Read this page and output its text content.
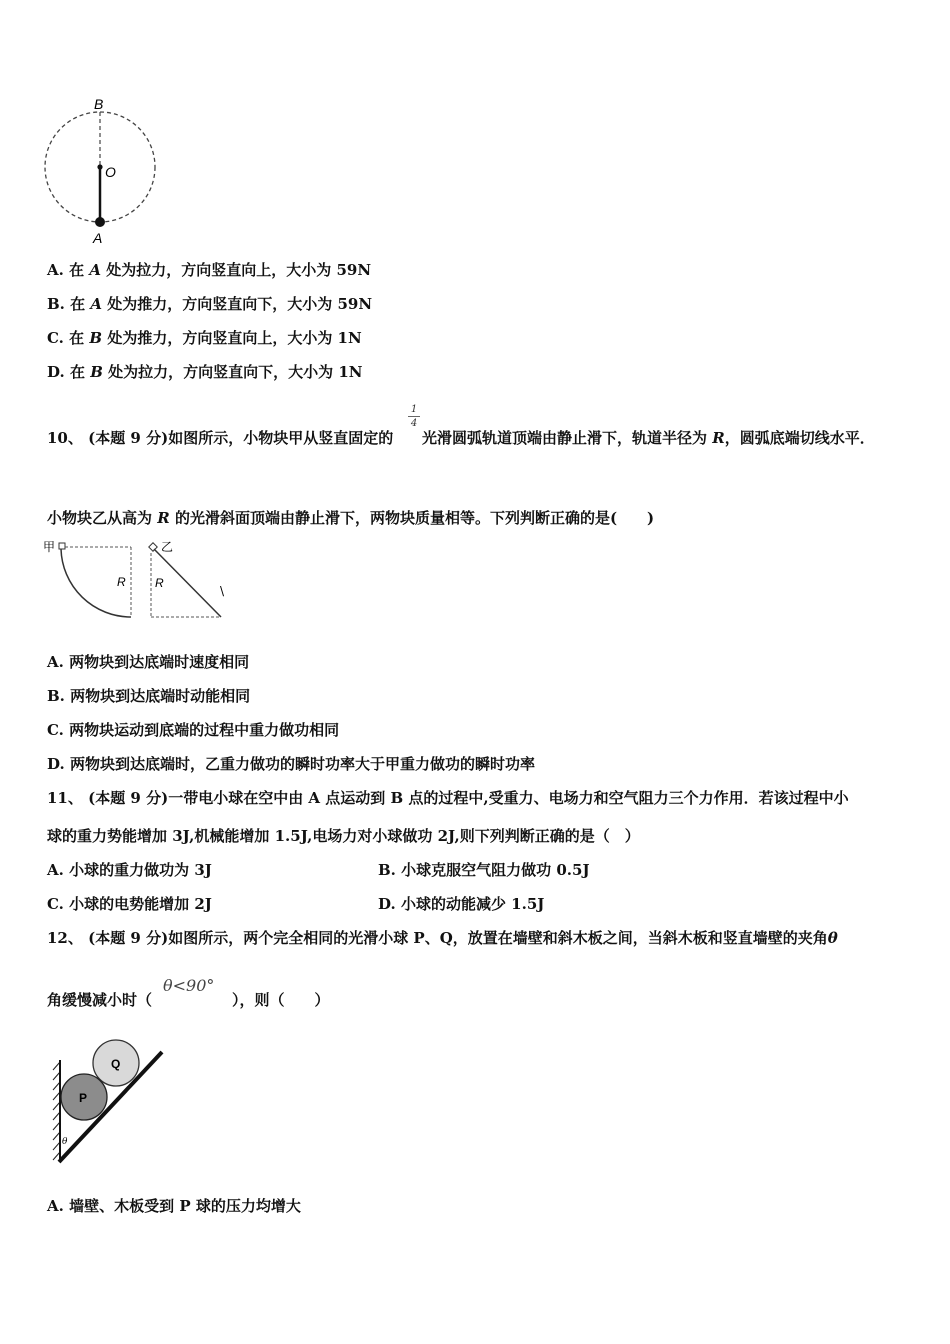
B
O
A
A. 在 A 处为拉力，方向竖直向上，大小为 59N
B. 在 A 处为推力，方向竖直向下，大小为 59N
C. 在 B 处为推力，方向竖直向上，大小为 1N
D. 在 B 处为拉力，方向竖直向下，大小为 1N
10、 (本题 9 分)如图所示，小物块甲从竖直固定的
1
4
光滑圆弧轨道顶端由静止滑下，轨道半径为 R，圆弧底端切线水平．
小物块乙从高为 R 的光滑斜面顶端由静止滑下，两物块质量相等。下列判断正确的是(　　)
甲
R
乙
R
\
A. 两物块到达底端时速度相同
B. 两物块到达底端时动能相同
C. 两物块运动到底端的过程中重力做功相同
D. 两物块到达底端时，乙重力做功的瞬时功率大于甲重力做功的瞬时功率
11、 (本题 9 分)一带电小球在空中由 A 点运动到 B 点的过程中,受重力、电场力和空气阻力三个力作用．若该过程中小
球的重力势能增加 3J,机械能增加 1.5J,电场力对小球做功 2J,则下列判断正确的是（　）
A. 小球的重力做功为 3J	B. 小球克服空气阻力做功 0.5J
C. 小球的电势能增加 2J	D. 小球的动能减少 1.5J
12、 (本题 9 分)如图所示，两个完全相同的光滑小球 P、Q，放置在墙壁和斜木板之间，当斜木板和竖直墙壁的夹角θ
角缓慢减小时（
θ<90°
），则（　　）
Q
P
θ
A. 墙壁、木板受到 P 球的压力均增大
